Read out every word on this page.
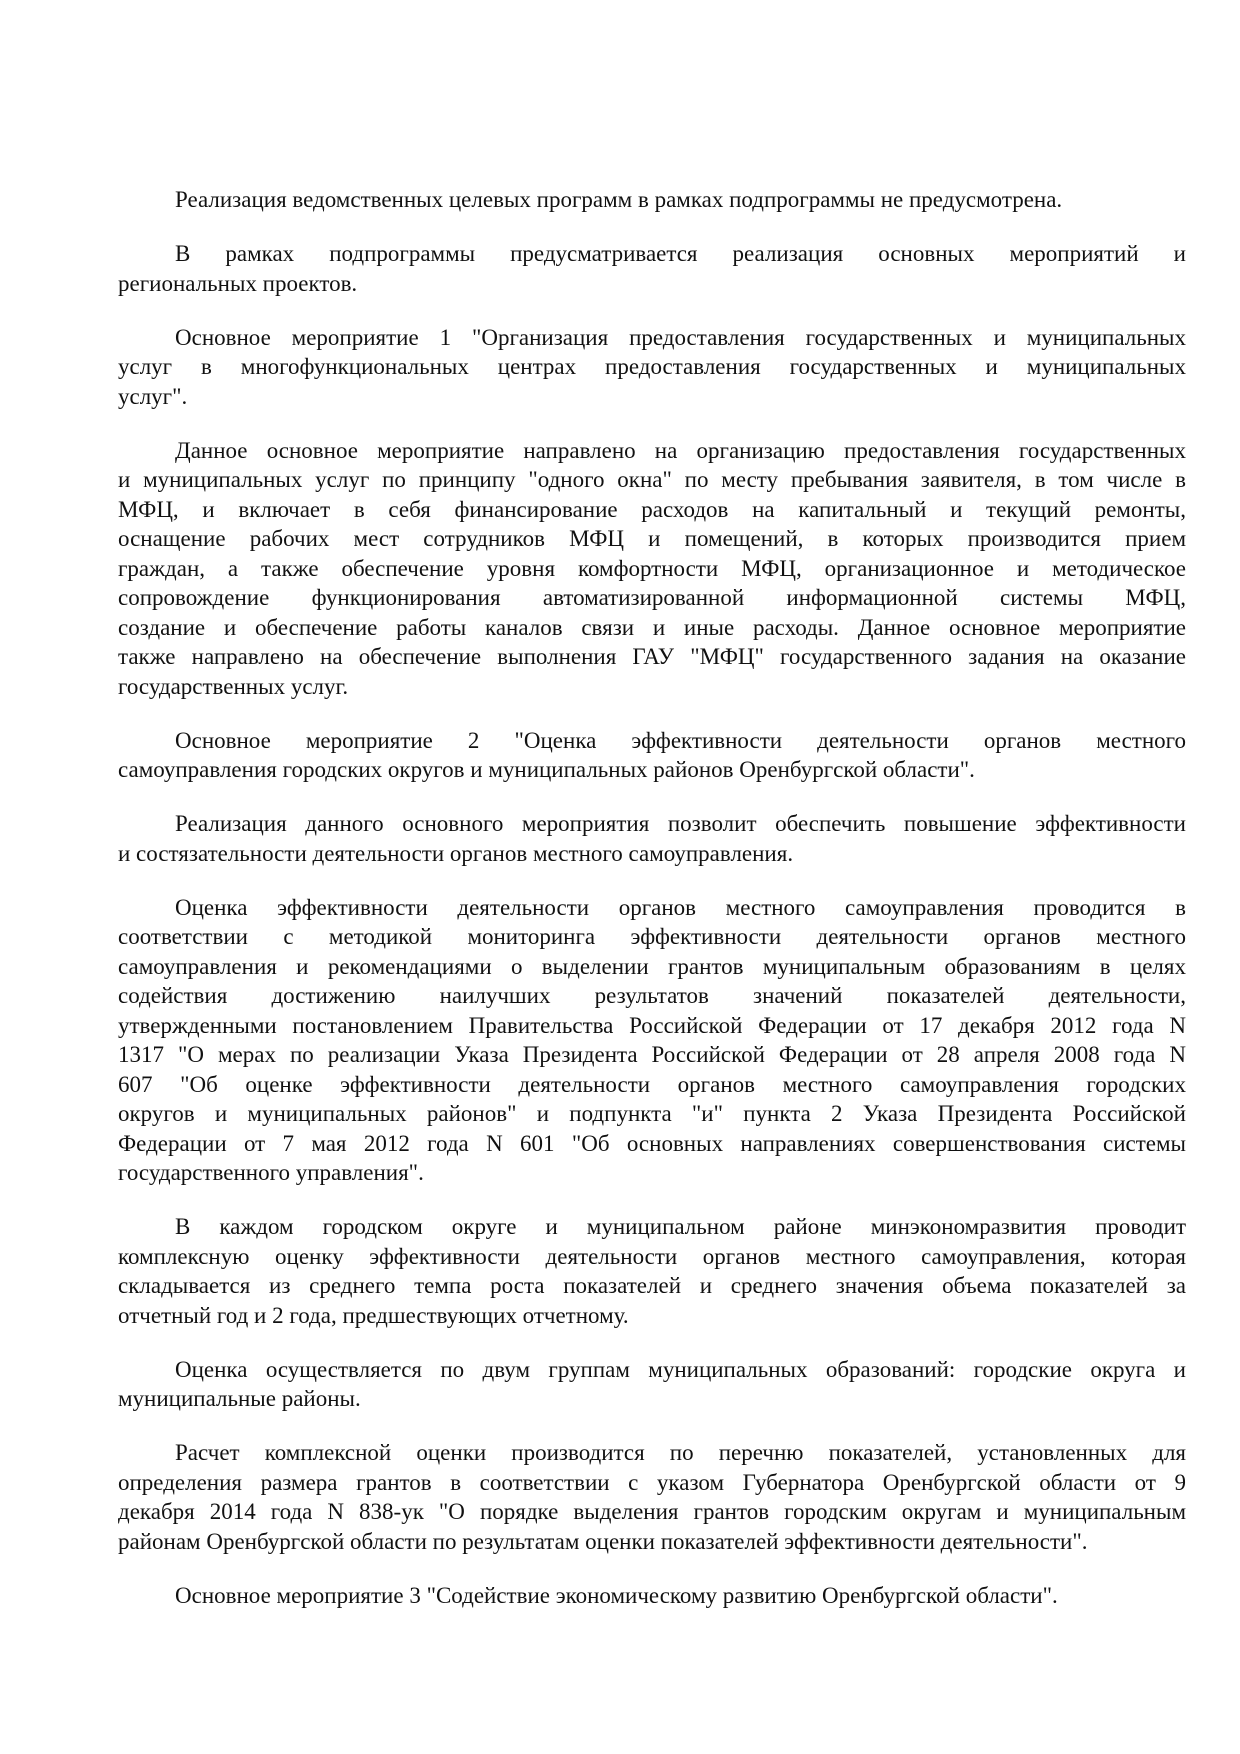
Реализация ведомственных целевых программ в рамках подпрограммы не предусмотрена.

В рамках подпрограммы предусматривается реализация основных мероприятий и
региональных проектов.

Основное мероприятие 1 "Организация предоставления государственных и муниципальных
услуг в многофункциональных центрах предоставления государственных и муниципальных
услуг".

Данное основное мероприятие направлено на организацию предоставления государственных
и муниципальных услуг по принципу "одного окна" по месту пребывания заявителя, в том числе в
МФЦ, и включает в себя финансирование расходов на капитальный и текущий ремонты,
оснащение рабочих мест сотрудников МФЦ и помещений, в которых производится прием
граждан, а также обеспечение уровня комфортности МФЦ, организационное и методическое
сопровождение функционирования автоматизированной информационной системы МФЦ,
создание и обеспечение работы каналов связи и иные расходы. Данное основное мероприятие
также направлено на обеспечение выполнения ГАУ "МФЦ" государственного задания на оказание
государственных услуг.

Основное мероприятие 2 "Оценка эффективности деятельности органов местного
самоуправления городских округов и муниципальных районов Оренбургской области".

Реализация данного основного мероприятия позволит обеспечить повышение эффективности
и состязательности деятельности органов местного самоуправления.

Оценка эффективности деятельности органов местного самоуправления проводится в
соответствии с методикой мониторинга эффективности деятельности органов местного
самоуправления и рекомендациями о выделении грантов муниципальным образованиям в целях
содействия достижению наилучших результатов значений показателей деятельности,
утвержденными постановлением Правительства Российской Федерации от 17 декабря 2012 года N
1317 "О мерах по реализации Указа Президента Российской Федерации от 28 апреля 2008 года N
607 "Об оценке эффективности деятельности органов местного самоуправления городских
округов и муниципальных районов" и подпункта "и" пункта 2 Указа Президента Российской
Федерации от 7 мая 2012 года N 601 "Об основных направлениях совершенствования системы
государственного управления".

В каждом городском округе и муниципальном районе минэкономразвития проводит
комплексную оценку эффективности деятельности органов местного самоуправления, которая
складывается из среднего темпа роста показателей и среднего значения объема показателей за
отчетный год и 2 года, предшествующих отчетному.

Оценка осуществляется по двум группам муниципальных образований: городские округа и
муниципальные районы.

Расчет комплексной оценки производится по перечню показателей, установленных для
определения размера грантов в соответствии с указом Губернатора Оренбургской области от 9
декабря 2014 года N 838-ук "О порядке выделения грантов городским округам и муниципальным
районам Оренбургской области по результатам оценки показателей эффективности деятельности".

Основное мероприятие 3 "Содействие экономическому развитию Оренбургской области".
